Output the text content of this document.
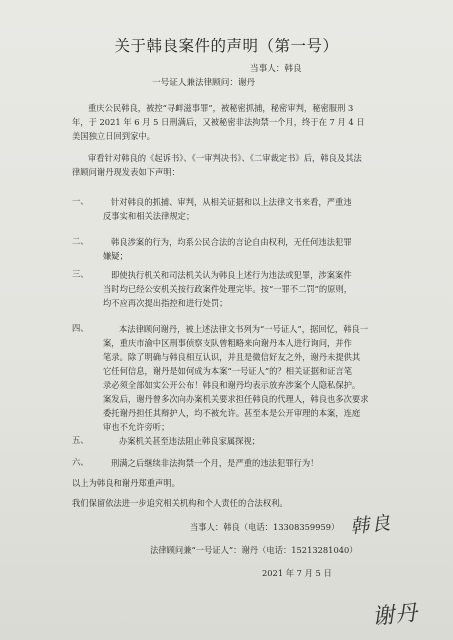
关于韩良案件的声明（第一号）
当事人：韩良
一号证人兼法律顾问：谢丹
重庆公民韩良，被控“寻衅滋事罪”，被秘密抓捕，秘密审判，秘密服刑 3
年，于 2021 年 6 月 5 日刑满后，又被秘密非法拘禁一个月，终于在 7 月 4 日
美国独立日回到家中。
审看针对韩良的《起诉书》、《一审判决书》、《二审裁定书》后，韩良及其法
律顾问谢丹现发表如下声明：
一、	针对韩良的抓捕、审判，从相关证据和以上法律文书来看，严重违
反事实和相关法律规定；
二、	韩良涉案的行为，均系公民合法的言论自由权利，无任何违法犯罪
嫌疑；
三、	即使执行机关和司法机关认为韩良上述行为违法或犯罪，涉案案件
当时均已经公安机关按行政案件处理完毕。按“一罪不二罚”的原则，
均不应再次提出指控和进行处罚；
四、	本法律顾问谢丹，被上述法律文书列为“一号证人”，据回忆，韩良一
案，重庆市渝中区刑事侦察支队曾粗略来向谢丹本人进行询问，并作
笔录。除了明确与韩良相互认识，并且是微信好友之外，谢丹未提供其
它任何信息，谢丹是如何成为本案“一号证人”的？相关证据和证言笔
录必须全部如实公开公布！韩良和谢丹均表示放弃涉案个人隐私保护。
案发后，谢丹曾多次向办案机关要求担任韩良的代理人，韩良也多次要求
委托谢丹担任其辩护人，均不被允许。甚至本是公开审理的本案，连庭
审也不允许旁听；
五、	办案机关甚至违法阻止韩良家属探视；
六、	刑满之后继续非法拘禁一个月，是严重的违法犯罪行为！
以上为韩良和谢丹郑重声明。
我们保留依法进一步追究相关机构和个人责任的合法权利。
韩良
当事人：韩良（电话：13308359959）
法律顾问兼“一号证人”：谢丹（电话：15213281040）
2021 年 7 月 5 日
谢丹
